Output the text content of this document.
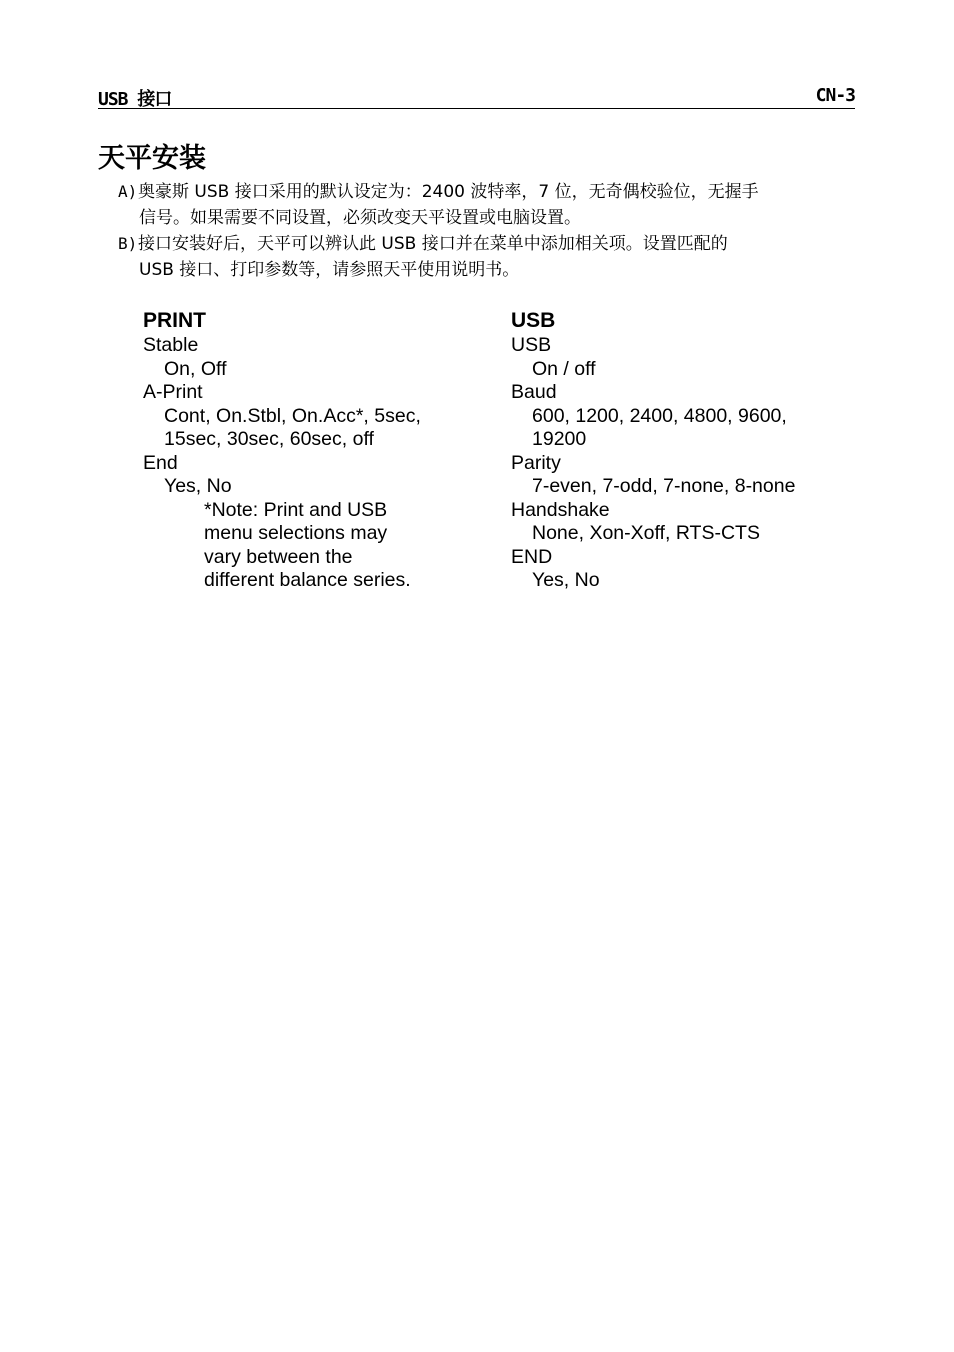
USB 接口	CN-3
天平安装
A)奥豪斯 USB 接口采用的默认设定为：2400 波特率，7 位，无奇偶校验位，无握手
信号。如果需要不同设置，必须改变天平设置或电脑设置。
B)接口安装好后，天平可以辨认此 USB 接口并在菜单中添加相关项。设置匹配的
USB 接口、打印参数等，请参照天平使用说明书。
PRINT
Stable
On, Off
A-Print
Cont, On.Stbl, On.Acc*, 5sec,
15sec, 30sec, 60sec, off
End
Yes, No
*Note: Print and USB
menu selections may
vary between the
different balance series.
USB
USB
On / off
Baud
600, 1200, 2400, 4800, 9600,
19200
Parity
7-even, 7-odd, 7-none, 8-none
Handshake
None, Xon-Xoff, RTS-CTS
END
Yes, No
